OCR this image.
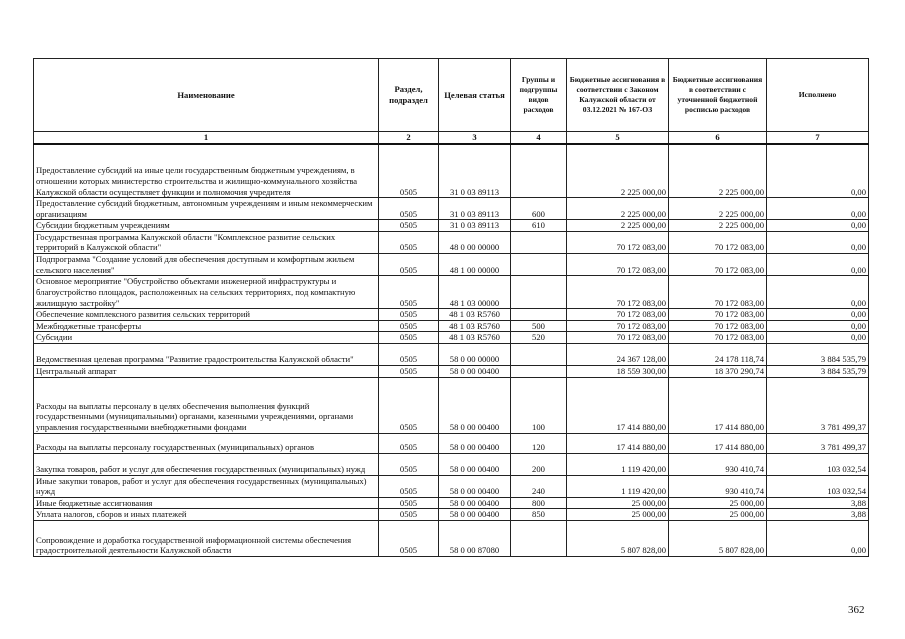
Наименование	Раздел, подраздел	Целевая статья	Группы и подгруппы видов расходов	Бюджетные ассигнования в соответствии с Законом Калужской области от 03.12.2021 № 167-ОЗ	Бюджетные ассигнования в соответствии с уточненной бюджетной росписью расходов	Исполнено
1	2	3	4	5	6	7
Предоставление субсидий на иные цели государственным бюджетным учреждениям, в отношении которых министерство строительства и жилищно-коммунального хозяйства Калужской области осуществляет функции и полномочия учредителя	0505	31 0 03 89113		2 225 000,00	2 225 000,00	0,00
Предоставление субсидий бюджетным, автономным учреждениям и иным некоммерческим организациям	0505	31 0 03 89113	600	2 225 000,00	2 225 000,00	0,00
Субсидии бюджетным учреждениям	0505	31 0 03 89113	610	2 225 000,00	2 225 000,00	0,00
Государственная программа Калужской области "Комплексное развитие сельских территорий в Калужской области"	0505	48 0 00 00000		70 172 083,00	70 172 083,00	0,00
Подпрограмма "Создание условий для обеспечения доступным и комфортным жильем сельского населения"	0505	48 1 00 00000		70 172 083,00	70 172 083,00	0,00
Основное мероприятие "Обустройство объектами инженерной инфраструктуры и благоустройство площадок, расположенных на сельских территориях, под компактную жилищную застройку"	0505	48 1 03 00000		70 172 083,00	70 172 083,00	0,00
Обеспечение комплексного развития сельских территорий	0505	48 1 03 R5760		70 172 083,00	70 172 083,00	0,00
Межбюджетные трансферты	0505	48 1 03 R5760	500	70 172 083,00	70 172 083,00	0,00
Субсидии	0505	48 1 03 R5760	520	70 172 083,00	70 172 083,00	0,00
Ведомственная целевая программа "Развитие градостроительства Калужской области"	0505	58 0 00 00000		24 367 128,00	24 178 118,74	3 884 535,79
Центральный аппарат	0505	58 0 00 00400		18 559 300,00	18 370 290,74	3 884 535,79
Расходы на выплаты персоналу в целях обеспечения выполнения функций государственными (муниципальными) органами, казенными учреждениями, органами управления государственными внебюджетными фондами	0505	58 0 00 00400	100	17 414 880,00	17 414 880,00	3 781 499,37
Расходы на выплаты персоналу государственных (муниципальных) органов	0505	58 0 00 00400	120	17 414 880,00	17 414 880,00	3 781 499,37
Закупка товаров, работ и услуг для обеспечения государственных (муниципальных) нужд	0505	58 0 00 00400	200	1 119 420,00	930 410,74	103 032,54
Иные закупки товаров, работ и услуг для обеспечения государственных (муниципальных) нужд	0505	58 0 00 00400	240	1 119 420,00	930 410,74	103 032,54
Иные бюджетные ассигнования	0505	58 0 00 00400	800	25 000,00	25 000,00	3,88
Уплата налогов, сборов и иных платежей	0505	58 0 00 00400	850	25 000,00	25 000,00	3,88
Сопровождение и доработка государственной информационной системы обеспечения градостроительной деятельности Калужской области	0505	58 0 00 87080		5 807 828,00	5 807 828,00	0,00
362
